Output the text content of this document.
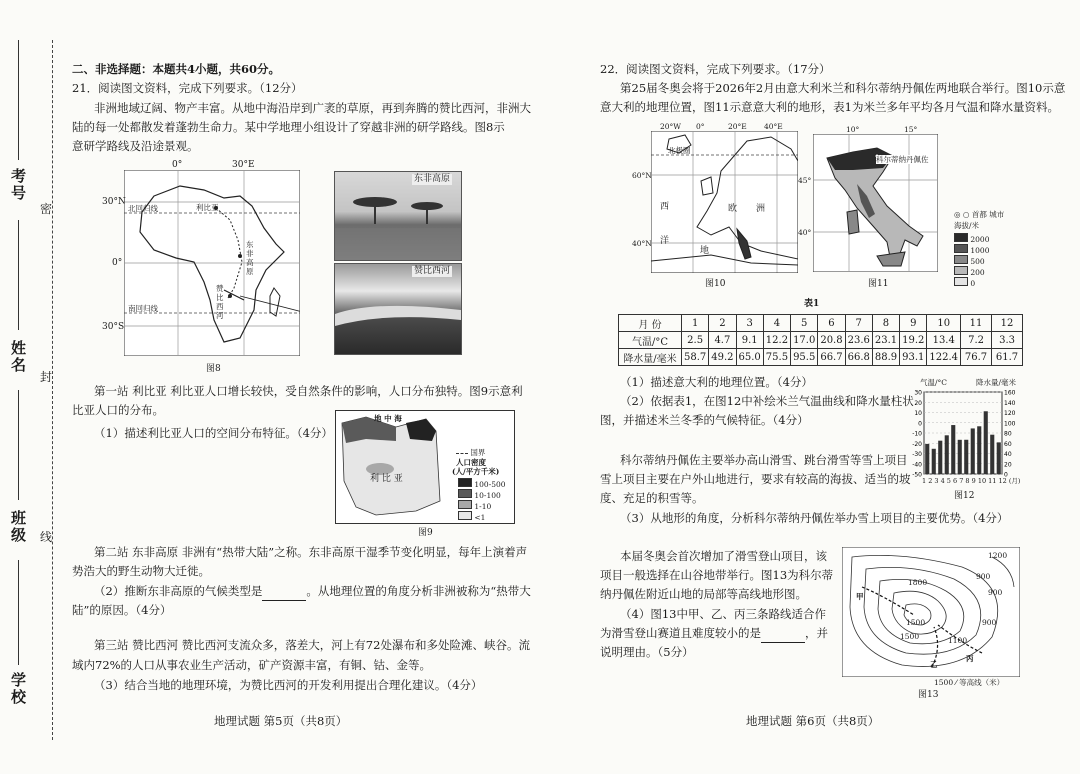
考号
姓名
班级
学校
密
封
线
二、非选择题：本题共4小题，共60分。
21．阅读图文资料，完成下列要求。（12分）
非洲地域辽阔、物产丰富。从地中海沿岸到广袤的草原，再到奔腾的赞比西河，非洲大
陆的每一处都散发着蓬勃生命力。某中学地理小组设计了穿越非洲的研学路线。图8示
意研学路线及沿途景观。
0°	30°E
30°N
0°
30°S
北回归线
南回归线
利比亚
东非高原
赞比西河
东非高原
赞比西河
图8
第一站 利比亚 利比亚人口增长较快，受自然条件的影响，人口分布独特。图9示意利
比亚人口的分布。
（1）描述利比亚人口的空间分布特征。（4分）
地 中 海
利 比 亚
国界
人口密度
(人/平方千米)
100-500
10-100
1-10
<1
图9
第二站 东非高原 非洲有“热带大陆”之称。东非高原干湿季节变化明显，每年上演着声
势浩大的野生动物大迁徙。
（2）推断东非高原的气候类型是	。从地理位置的角度分析非洲被称为“热带大
陆”的原因。（4分）
第三站 赞比西河 赞比西河支流众多，落差大，河上有72处瀑布和多处险滩、峡谷。流
域内72%的人口从事农业生产活动，矿产资源丰富，有铜、钴、金等。
（3）结合当地的地理环境，为赞比西河的开发利用提出合理化建议。（4分）
地理试题 第5页（共8页）
22．阅读图文资料，完成下列要求。（17分）
第25届冬奥会将于2026年2月由意大利米兰和科尔蒂纳丹佩佐两地联合举行。图10示意
意大利的地理位置，图11示意意大利的地形，表1为米兰多年平均各月气温和降水量资料。
20°W 0°	20°E 40°E
60°N
40°N
北极圈
西	欧 洲
洋
地
图10
10°	15°
45°
40°
科尔蒂纳丹佩佐
◎ ○ 首都 城市
海拔/米
2000
1000
500
200
0
图11
表1
月 份	1	2	3	4	5	6	7	8	9	10	11	12
气温/°C	2.5	4.7	9.1	12.2	17.0	20.8	23.6	23.1	19.2	13.4	7.2	3.3
降水量/毫米	58.7	49.2	65.0	75.5	95.5	66.7	66.8	88.9	93.1	122.4	76.7	61.7
（1）描述意大利的地理位置。（4分）
（2）依据表1，在图12中补绘米兰气温曲线和降水量柱状
图，并描述米兰冬季的气候特征。（4分）
气温/°C	降水量/毫米
30	160
20	140
10	120
0	100
-10	80
-20	60
-30	40
-40	20
-50	0
1 2 3 4 5 6 7 8 9 10 11 12 (月)
图12
科尔蒂纳丹佩佐主要举办高山滑雪、跳台滑雪等雪上项目
雪上项目主要在户外山地进行，要求有较高的海拔、适当的坡
度、充足的积雪等。
（3）从地形的角度，分析科尔蒂纳丹佩佐举办雪上项目的主要优势。（4分）
本届冬奥会首次增加了滑雪登山项目，该
项目一般选择在山谷地带举行。图13为科尔蒂
纳丹佩佐附近山地的局部等高线地形图。
（4）图13中甲、乙、丙三条路线适合作
为滑雪登山赛道且难度较小的是	，并
说明理由。（5分）
1200
1800
900
900
900
1500
1100
1500
甲
乙
丙
1500 ⁄ 等高线（米）
图13
地理试题 第6页（共8页）
